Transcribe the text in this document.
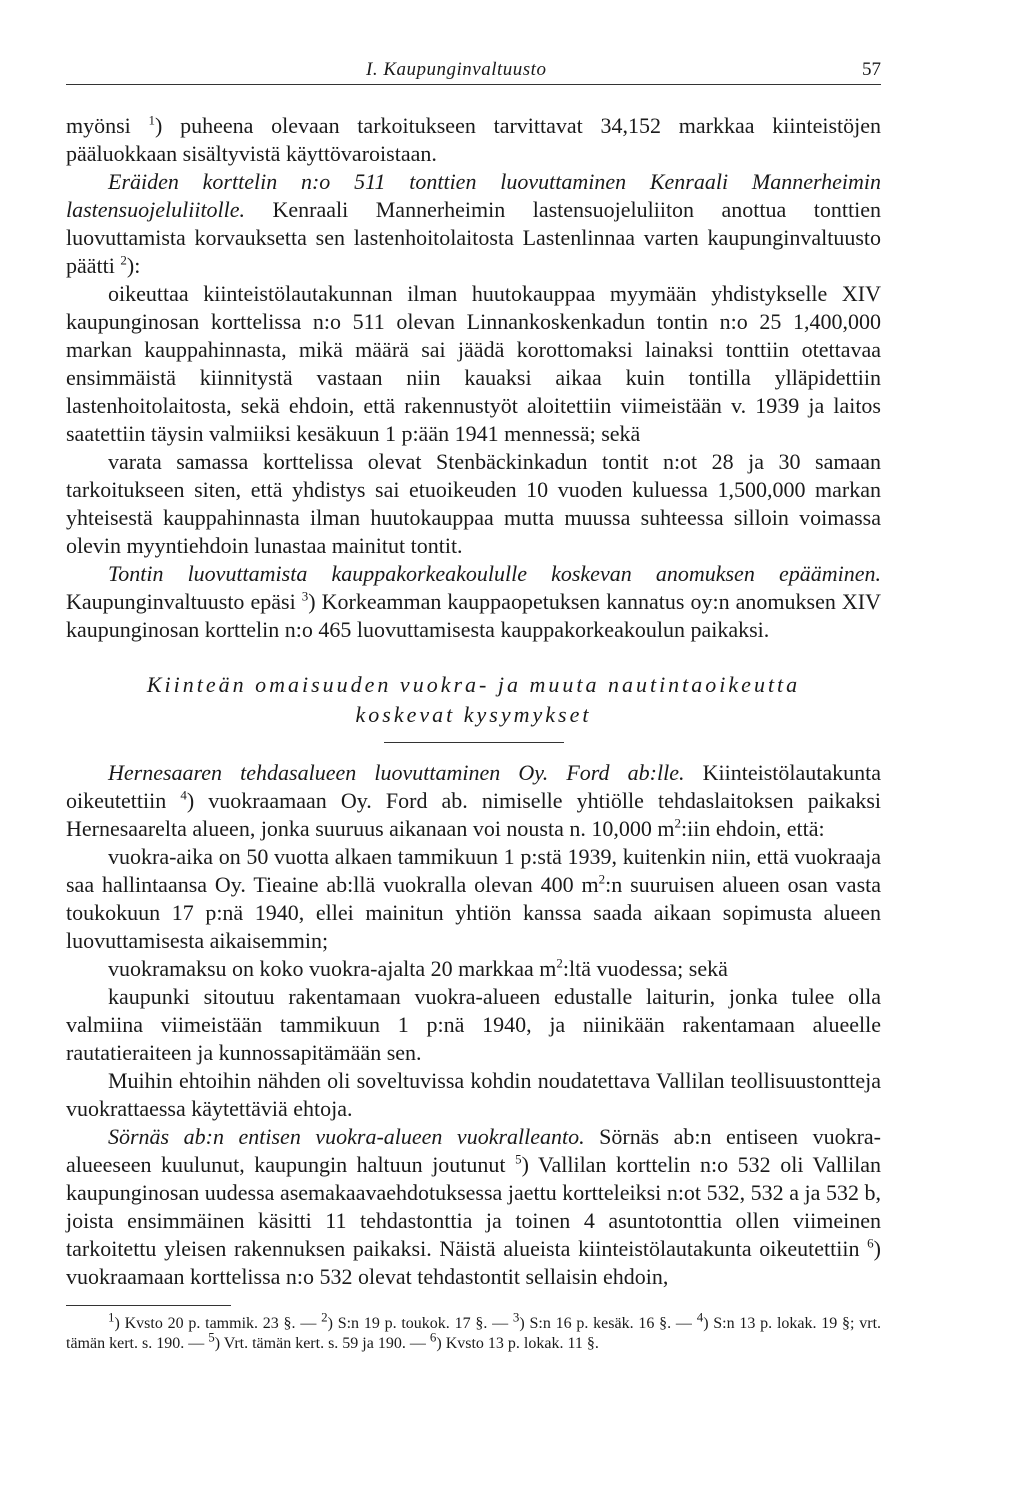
I. Kaupunginvaltuusto	57

myönsi $^1$) puheena olevaan tarkoitukseen tarvittavat 34,152 markkaa kiinteistöjen pääluokkaan sisältyvistä käyttövaroistaan.

Eräiden korttelin n:o 511 tonttien luovuttaminen Kenraali Mannerheimin lastensuojeluliitolle. Kenraali Mannerheimin lastensuojeluliiton anottua tonttien luovuttamista korvauksetta sen lastenhoitolaitosta Lastenlinnaa varten kaupunginvaltuusto päätti $^2$):

oikeuttaa kiinteistölautakunnan ilman huutokauppaa myymään yhdistykselle XIV kaupunginosan korttelissa n:o 511 olevan Linnankoskenkadun tontin n:o 25 1,400,000 markan kauppahinnasta, mikä määrä sai jäädä korottomaksi lainaksi tonttiin otettavaa ensimmäistä kiinnitystä vastaan niin kauaksi aikaa kuin tontilla ylläpidettiin lastenhoitolaitosta, sekä ehdoin, että rakennustyöt aloitettiin viimeistään v. 1939 ja laitos saatettiin täysin valmiiksi kesäkuun 1 p:ään 1941 mennessä; sekä

varata samassa korttelissa olevat Stenbäckinkadun tontit n:ot 28 ja 30 samaan tarkoitukseen siten, että yhdistys sai etuoikeuden 10 vuoden kuluessa 1,500,000 markan yhteisestä kauppahinnasta ilman huutokauppaa mutta muussa suhteessa silloin voimassa olevin myyntiehdoin lunastaa mainitut tontit.

Tontin luovuttamista kauppakorkeakoululle koskevan anomuksen epääminen. Kaupunginvaltuusto epäsi $^3$) Korkeamman kauppaopetuksen kannatus oy:n anomuksen XIV kaupunginosan korttelin n:o 465 luovuttamisesta kauppakorkeakoulun paikaksi.

Kiinteän omaisuuden vuokra- ja muuta nautintaoikeutta
koskevat kysymykset

Hernesaaren tehdasalueen luovuttaminen Oy. Ford ab:lle. Kiinteistölautakunta oikeutettiin $^4$) vuokraamaan Oy. Ford ab. nimiselle yhtiölle tehdaslaitoksen paikaksi Hernesaarelta alueen, jonka suuruus aikanaan voi nousta n. 10,000 $m^2:iin$ ehdoin, että:

vuokra-aika on 50 vuotta alkaen tammikuun 1 p:stä 1939, kuitenkin niin, että vuokraaja saa hallintaansa Oy. Tieaine ab:llä vuokralla olevan 400 $m^2:n$ suuruisen alueen osan vasta toukokuun 17 p:nä 1940, ellei mainitun yhtiön kanssa saada aikaan sopimusta alueen luovuttamisesta aikaisemmin;

vuokramaksu on koko vuokra-ajalta 20 markkaa $m^2:ltä$ vuodessa; sekä

kaupunki sitoutuu rakentamaan vuokra-alueen edustalle laiturin, jonka tulee olla valmiina viimeistään tammikuun 1 p:nä 1940, ja niinikään rakentamaan alueelle rautatieraiteen ja kunnossapitämään sen.

Muihin ehtoihin nähden oli soveltuvissa kohdin noudatettava Vallilan teollisuustontteja vuokrattaessa käytettäviä ehtoja.

Sörnäs ab:n entisen vuokra-alueen vuokralleanto. Sörnäs ab:n entiseen vuokra-alueeseen kuulunut, kaupungin haltuun joutunut $^5$) Vallilan korttelin n:o 532 oli Vallilan kaupunginosan uudessa asemakaavaehdotuksessa jaettu kortteleiksi n:ot 532, 532 a ja 532 b, joista ensimmäinen käsitti 11 tehdastonttia ja toinen 4 asuntotonttia ollen viimeinen tarkoitettu yleisen rakennuksen paikaksi. Näistä alueista kiinteistölautakunta oikeutettiin $^6$) vuokraamaan korttelissa n:o 532 olevat tehdastontit sellaisin ehdoin,

$^1$) Kvsto 20 p. tammik. 23 §. — $^2$) S:n 19 p. toukok. 17 §. — $^3$) S:n 16 p. kesäk. 16 §. — $^4$) S:n 13 p. lokak. 19 §; vrt. tämän kert. s. 190. — $^5$) Vrt. tämän kert. s. 59 ja 190. — $^6$) Kvsto 13 p. lokak. 11 §.
